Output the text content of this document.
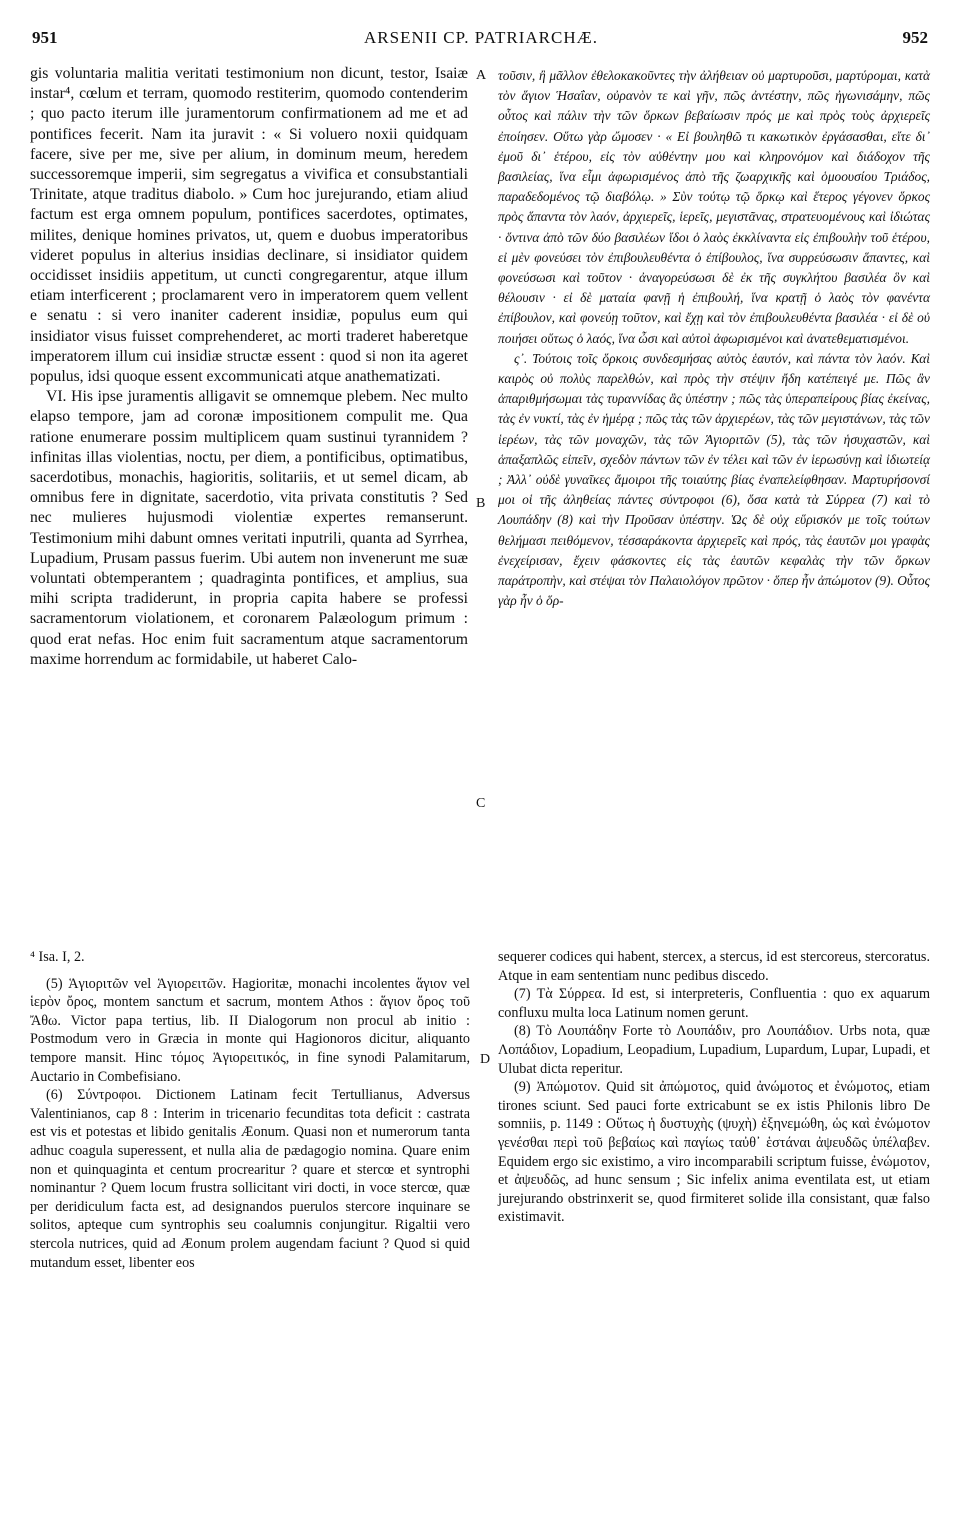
951	ARSENII CP. PATRIARCHÆ.	952

gis voluntaria malitia veritati testimonium non dicunt, testor, Isaiæ instar⁴, cœlum et terram, quomodo restiterim, quomodo contenderim ; quo pacto iterum ille juramentorum confirmationem ad me et ad pontifices fecerit. Nam ita juravit : « Si voluero noxii quidquam facere, sive per me, sive per alium, in dominum meum, heredem successoremque imperii, sim segregatus a vivifica et consubstantiali Trinitate, atque traditus diabolo. » Cum hoc jurejurando, etiam aliud factum est erga omnem populum, pontifices sacerdotes, optimates, milites, denique homines privatos, ut, quem e duobus imperatoribus videret populus in alterius insidias declinare, si insidiator quidem occidisset insidiis appetitum, ut cuncti congregarentur, atque illum etiam interficerent ; proclamarent vero in imperatorem quem vellent e senatu : si vero inaniter caderent insidiæ, populus eum qui insidiator visus fuisset comprehenderet, ac morti traderet haberetque imperatorem illum cui insidiæ structæ essent : quod si non ita ageret populus, idsi quoque essent excommunicati atque anathematizati.

VI. His ipse juramentis alligavit se omnemque plebem. Nec multo elapso tempore, jam ad coronæ impositionem compulit me. Qua ratione enumerare possim multiplicem quam sustinui tyrannidem ? infinitas illas violentias, noctu, per diem, a pontificibus, optimatibus, sacerdotibus, monachis, hagioritis, solitariis, et ut semel dicam, ab omnibus fere in dignitate, sacerdotio, vita privata constitutis ? Sed nec mulieres hujusmodi violentiæ expertes remanserunt. Testimonium mihi dabunt omnes veritati inputrili, quanta ad Syrrhea, Lupadium, Prusam passus fuerim. Ubi autem non invenerunt me suæ voluntati obtemperantem ; quadraginta pontifices, et amplius, sua mihi scripta tradiderunt, in propria capita habere se professi sacramentorum violationem, et coronarem Palæologum primum : quod erat nefas. Hoc enim fuit sacramentum atque sacramentorum maxime horrendum ac formidabile, ut haberet Calo-

A
B
C

τοῦσιν, ἢ μᾶλλον ἐθελοκακοῦντες τὴν ἀλήθειαν οὐ μαρτυροῦσι, μαρτύρομαι, κατὰ τὸν ἅγιον Ἡσαΐαν, οὐρανὸν τε καὶ γῆν, πῶς ἀντέστην, πῶς ἠγωνισάμην, πῶς οὗτος καὶ πάλιν τὴν τῶν ὅρκων βεβαίωσιν πρός με καὶ πρὸς τοὺς ἀρχιερεῖς ἐποίησεν. Οὕτω γὰρ ὤμοσεν · « Εἰ βουληθῶ τι κακωτικὸν ἐργάσασθαι, εἴτε δι᾽ ἐμοῦ δι᾽ ἑτέρου, εἰς τὸν αὐθέντην μου καὶ κληρονόμον καὶ διάδοχον τῆς βασιλείας, ἵνα εἶμι ἀφωρισμένος ἀπὸ τῆς ζωαρχικῆς καὶ ὁμοουσίου Τριάδος, παραδεδομένος τῷ διαβόλῳ. » Σὺν τούτῳ τῷ ὅρκῳ καὶ ἕτερος γέγονεν ὅρκος πρὸς ἅπαντα τὸν λαόν, ἀρχιερεῖς, ἱερεῖς, μεγιστᾶνας, στρατευομένους καὶ ἰδιώτας · ὅντινα ἀπὸ τῶν δύο βασιλέων ἴδοι ὁ λαὸς ἐκκλίναντα εἰς ἐπιβουλὴν τοῦ ἑτέρου, εἰ μὲν φονεύσει τὸν ἐπιβουλευθέντα ὁ ἐπίβουλος, ἵνα συρρεύσωσιν ἅπαντες, καὶ φονεύσωσι καὶ τοῦτον · ἀναγορεύσωσι δὲ ἐκ τῆς συγκλήτου βασιλέα ὃν καὶ θέλουσιν · εἰ δὲ ματαία φανῇ ἡ ἐπιβουλή, ἵνα κρατῇ ὁ λαὸς τὸν φανέντα ἐπίβουλον, καὶ φονεύῃ τοῦτον, καὶ ἔχῃ καὶ τὸν ἐπιβουλευθέντα βασιλέα · εἰ δὲ οὐ ποιήσει οὕτως ὁ λαός, ἵνα ὦσι καὶ αὐτοὶ ἀφωρισμένοι καὶ ἀνατεθεματισμένοι.

ς᾽. Τούτοις τοῖς ὅρκοις συνδεσμήσας αὐτὸς ἑαυτόν, καὶ πάντα τὸν λαόν. Καὶ καιρὸς οὐ πολὺς παρελθών, καὶ πρὸς τὴν στέψιν ἤδη κατέπειγέ με. Πῶς ἂν ἀπαριθμήσωμαι τὰς τυραννίδας ἃς ὑπέστην ; πῶς τὰς ὑπεραπείρους βίας ἐκείνας, τὰς ἐν νυκτί, τὰς ἐν ἡμέρᾳ ; πῶς τὰς τῶν ἀρχιερέων, τὰς τῶν μεγιστάνων, τὰς τῶν ἱερέων, τὰς τῶν μοναχῶν, τὰς τῶν Ἁγιοριτῶν (5), τὰς τῶν ἡσυχαστῶν, καὶ ἁπαξαπλῶς εἰπεῖν, σχεδὸν πάντων τῶν ἐν τέλει καὶ τῶν ἐν ἱερωσύνῃ καὶ ἰδιωτείᾳ ; Ἀλλ᾽ οὐδὲ γυναῖκες ἄμοιροι τῆς τοιαύτης βίας ἐναπελείφθησαν. Μαρτυρήσονσί μοι οἱ τῆς ἀληθείας πάντες σύντροφοι (6), ὅσα κατὰ τὰ Σύρρεα (7) καὶ τὸ Λουπάδην (8) καὶ τὴν Προῦσαν ὑπέστην. Ὡς δὲ οὐχ εὕρισκόν με τοῖς τούτων θελήμασι πειθόμενον, τέσσαράκοντα ἀρχιερεῖς καὶ πρός, τὰς ἑαυτῶν μοι γραφὰς ἐνεχείρισαν, ἔχειν φάσκοντες εἰς τὰς ἑαυτῶν κεφαλὰς τὴν τῶν ὅρκων παράτροπὴν, καὶ στέψαι τὸν Παλαιολόγον πρῶτον · ὅπερ ἦν ἀπώμοτον (9). Οὗτος γὰρ ἦν ὁ ὅρ-

⁴ Isa. I, 2.

(5) Ἁγιοριτῶν vel Ἁγιορειτῶν. Hagioritæ, monachi incolentes ἅγιον vel ἱερὸν ὄρος, montem sanctum et sacrum, montem Athos : ἅγιον ὄρος τοῦ Ἄθω. Victor papa tertius, lib. II Dialogorum non procul ab initio : Postmodum vero in Græcia in monte qui Hagionoros dicitur, aliquanto tempore mansit. Hinc τόμος Ἁγιορειτικός, in fine synodi Palamitarum, Auctario in Combefisiano.

(6) Σύντροφοι. Dictionem Latinam fecit Tertullianus, Adversus Valentinianos, cap 8 : Interim in tricenario fecunditas tota deficit : castrata est vis et potestas et libido genitalis Æonum. Quasi non et numerorum tanta adhuc coagula superessent, et nulla alia de pædagogio nomina. Quare enim non et quinquaginta et centum procrearitur ? quare et stercœ et syntrophi nominantur ? Quem locum frustra sollicitant viri docti, in voce stercœ, quæ per deridiculum facta est, ad designandos puerulos stercore inquinare se solitos, apteque cum syntrophis seu coalumnis conjungitur. Rigaltii vero stercola nutrices, quid ad Æonum prolem augendam faciunt ? Quod si quid mutandum esset, libenter eos

D

sequerer codices qui habent, stercex, a stercus, id est stercoreus, stercoratus. Atque in eam sententiam nunc pedibus discedo.

(7) Τὰ Σύρρεα. Id est, si interpreteris, Confluentia : quo ex aquarum confluxu multa loca Latinum nomen gerunt.

(8) Τὸ Λουπάδην Forte τὸ Λουπάδιν, pro Λουπάδιον. Urbs nota, quæ Λοπάδιον, Lopadium, Leopadium, Lupadium, Lupardum, Lupar, Lupadi, et Ulubat dicta reperitur.

(9) Ἀπώμοτον. Quid sit ἀπώμοτος, quid ἀνώμοτος et ἐνώμοτος, etiam tirones sciunt. Sed pauci forte extricabunt se ex istis Philonis libro De somniis, p. 1149 : Οὕτως ἡ δυστυχὴς (ψυχὴ) ἐξηνεμώθη, ὡς καὶ ἐνώμοτον γενέσθαι περὶ τοῦ βεβαίως καὶ παγίως ταὐθ᾽ ἑστάναι ἀψευδῶς ὑπέλαβεν. Equidem ergo sic existimo, a viro incomparabili scriptum fuisse, ἐνώμοτον, et ἀψευδῶς, ad hunc sensum ; Sic infelix anima eventilata est, ut etiam jurejurando obstrinxerit se, quod firmiteret solide illa consistant, quæ falso existimavit.
